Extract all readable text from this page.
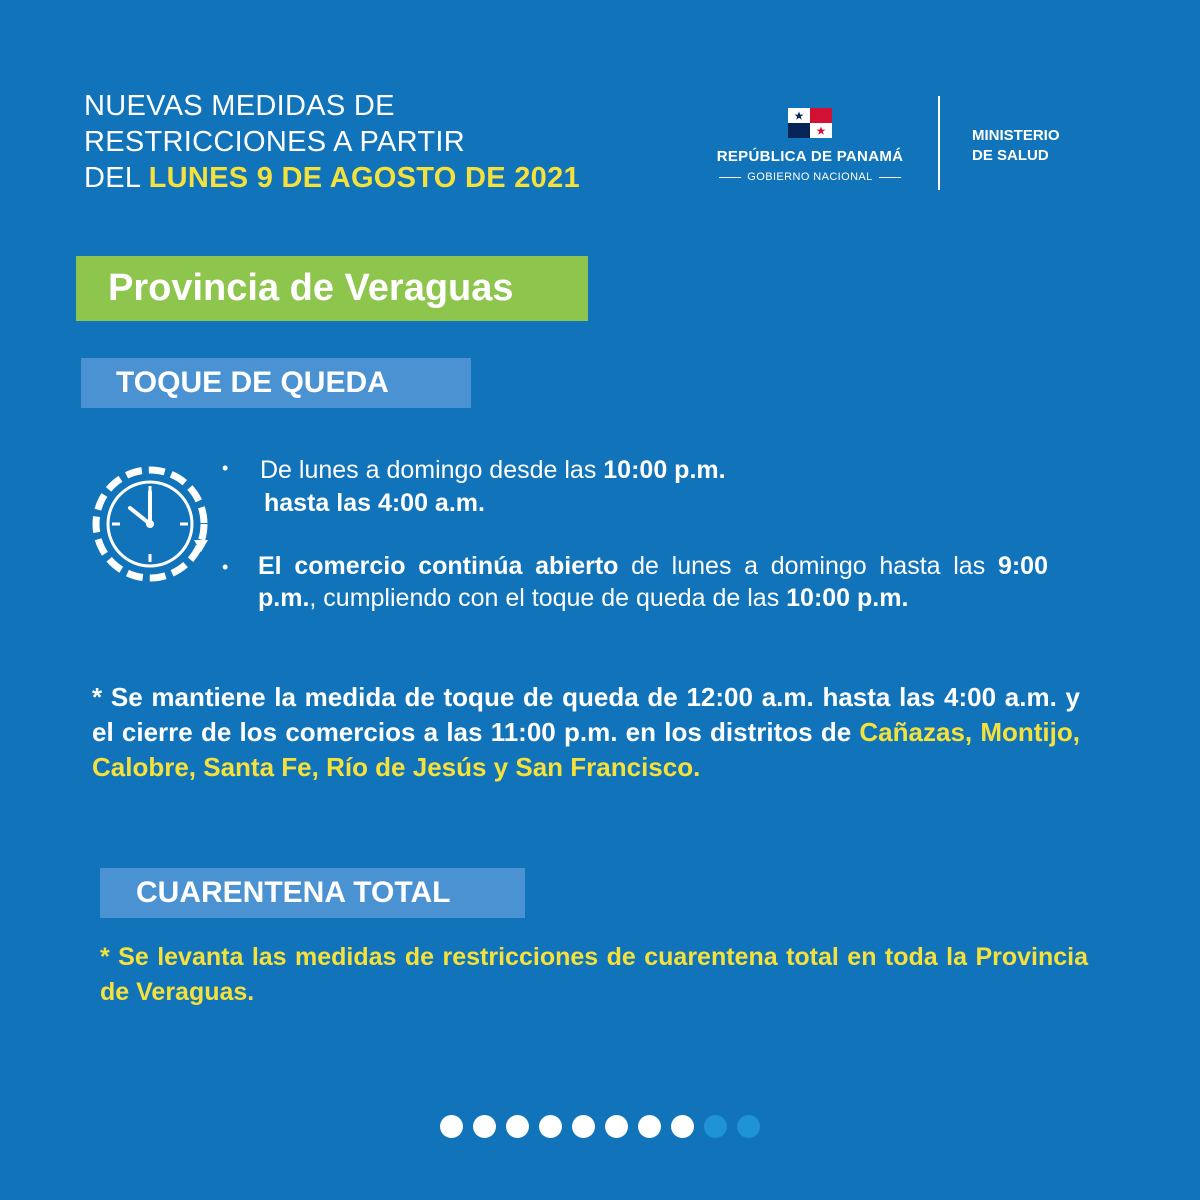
NUEVAS MEDIDAS DE
RESTRICCIONES A PARTIR
DEL LUNES 9 DE AGOSTO DE 2021
REPÚBLICA DE PANAMÁ
GOBIERNO NACIONAL
MINISTERIO
DE SALUD
Provincia de Veraguas
TOQUE DE QUEDA
• De lunes a domingo desde las 10:00 p.m.
hasta las 4:00 a.m.
• El comercio continúa abierto de lunes a domingo hasta las 9:00 p.m., cumpliendo con el toque de queda de las 10:00 p.m.
* Se mantiene la medida de toque de queda de 12:00 a.m. hasta las 4:00 a.m. y el cierre de los comercios a las 11:00 p.m. en los distritos de Cañazas, Montijo, Calobre, Santa Fe, Río de Jesús y San Francisco.
CUARENTENA TOTAL
* Se levanta las medidas de restricciones de cuarentena total en toda la Provincia de Veraguas.
